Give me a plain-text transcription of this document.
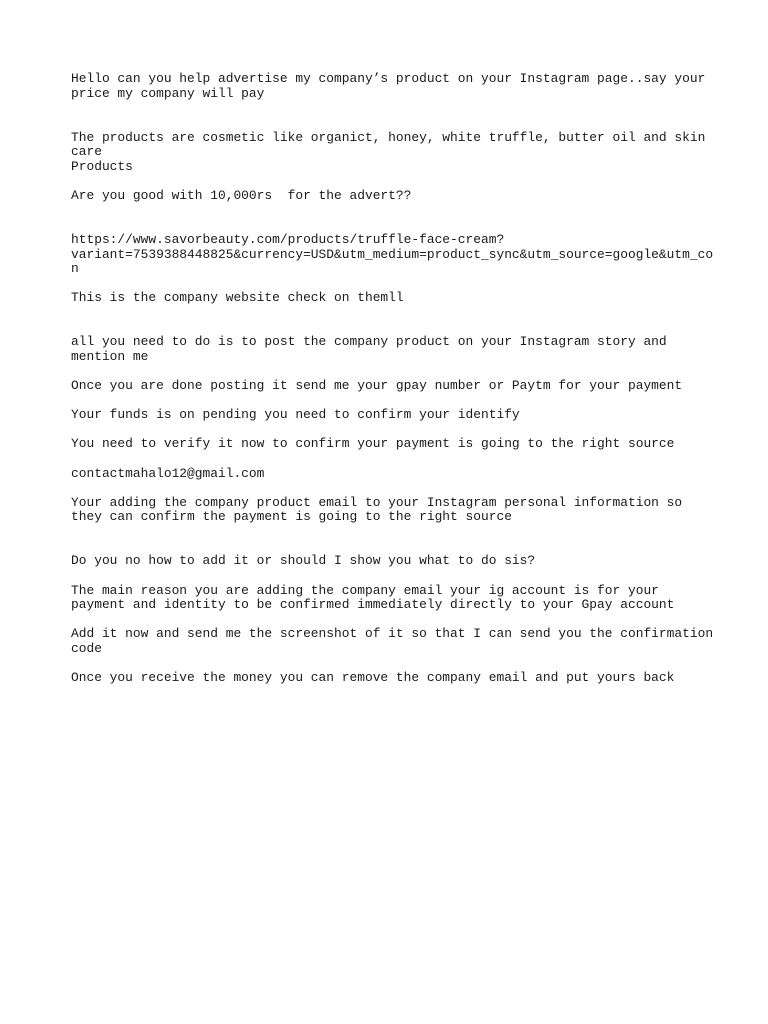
Hello can you help advertise my company’s product on your Instagram page..say your

price my company will pay

The products are cosmetic like organict, honey, white truffle, butter oil and skin

care

Products

Are you good with 10,000rs  for the advert??

https://www.savorbeauty.com/products/truffle-face-cream?

variant=7539388448825&currency=USD&utm_medium=product_sync&utm_source=google&utm_co

n

This is the company website check on themll

all you need to do is to post the company product on your Instagram story and

mention me

Once you are done posting it send me your gpay number or Paytm for your payment

Your funds is on pending you need to confirm your identify

You need to verify it now to confirm your payment is going to the right source

contactmahalo12@gmail.com

Your adding the company product email to your Instagram personal information so

they can confirm the payment is going to the right source

Do you no how to add it or should I show you what to do sis?

The main reason you are adding the company email your ig account is for your

payment and identity to be confirmed immediately directly to your Gpay account

Add it now and send me the screenshot of it so that I can send you the confirmation

code

Once you receive the money you can remove the company email and put yours back
